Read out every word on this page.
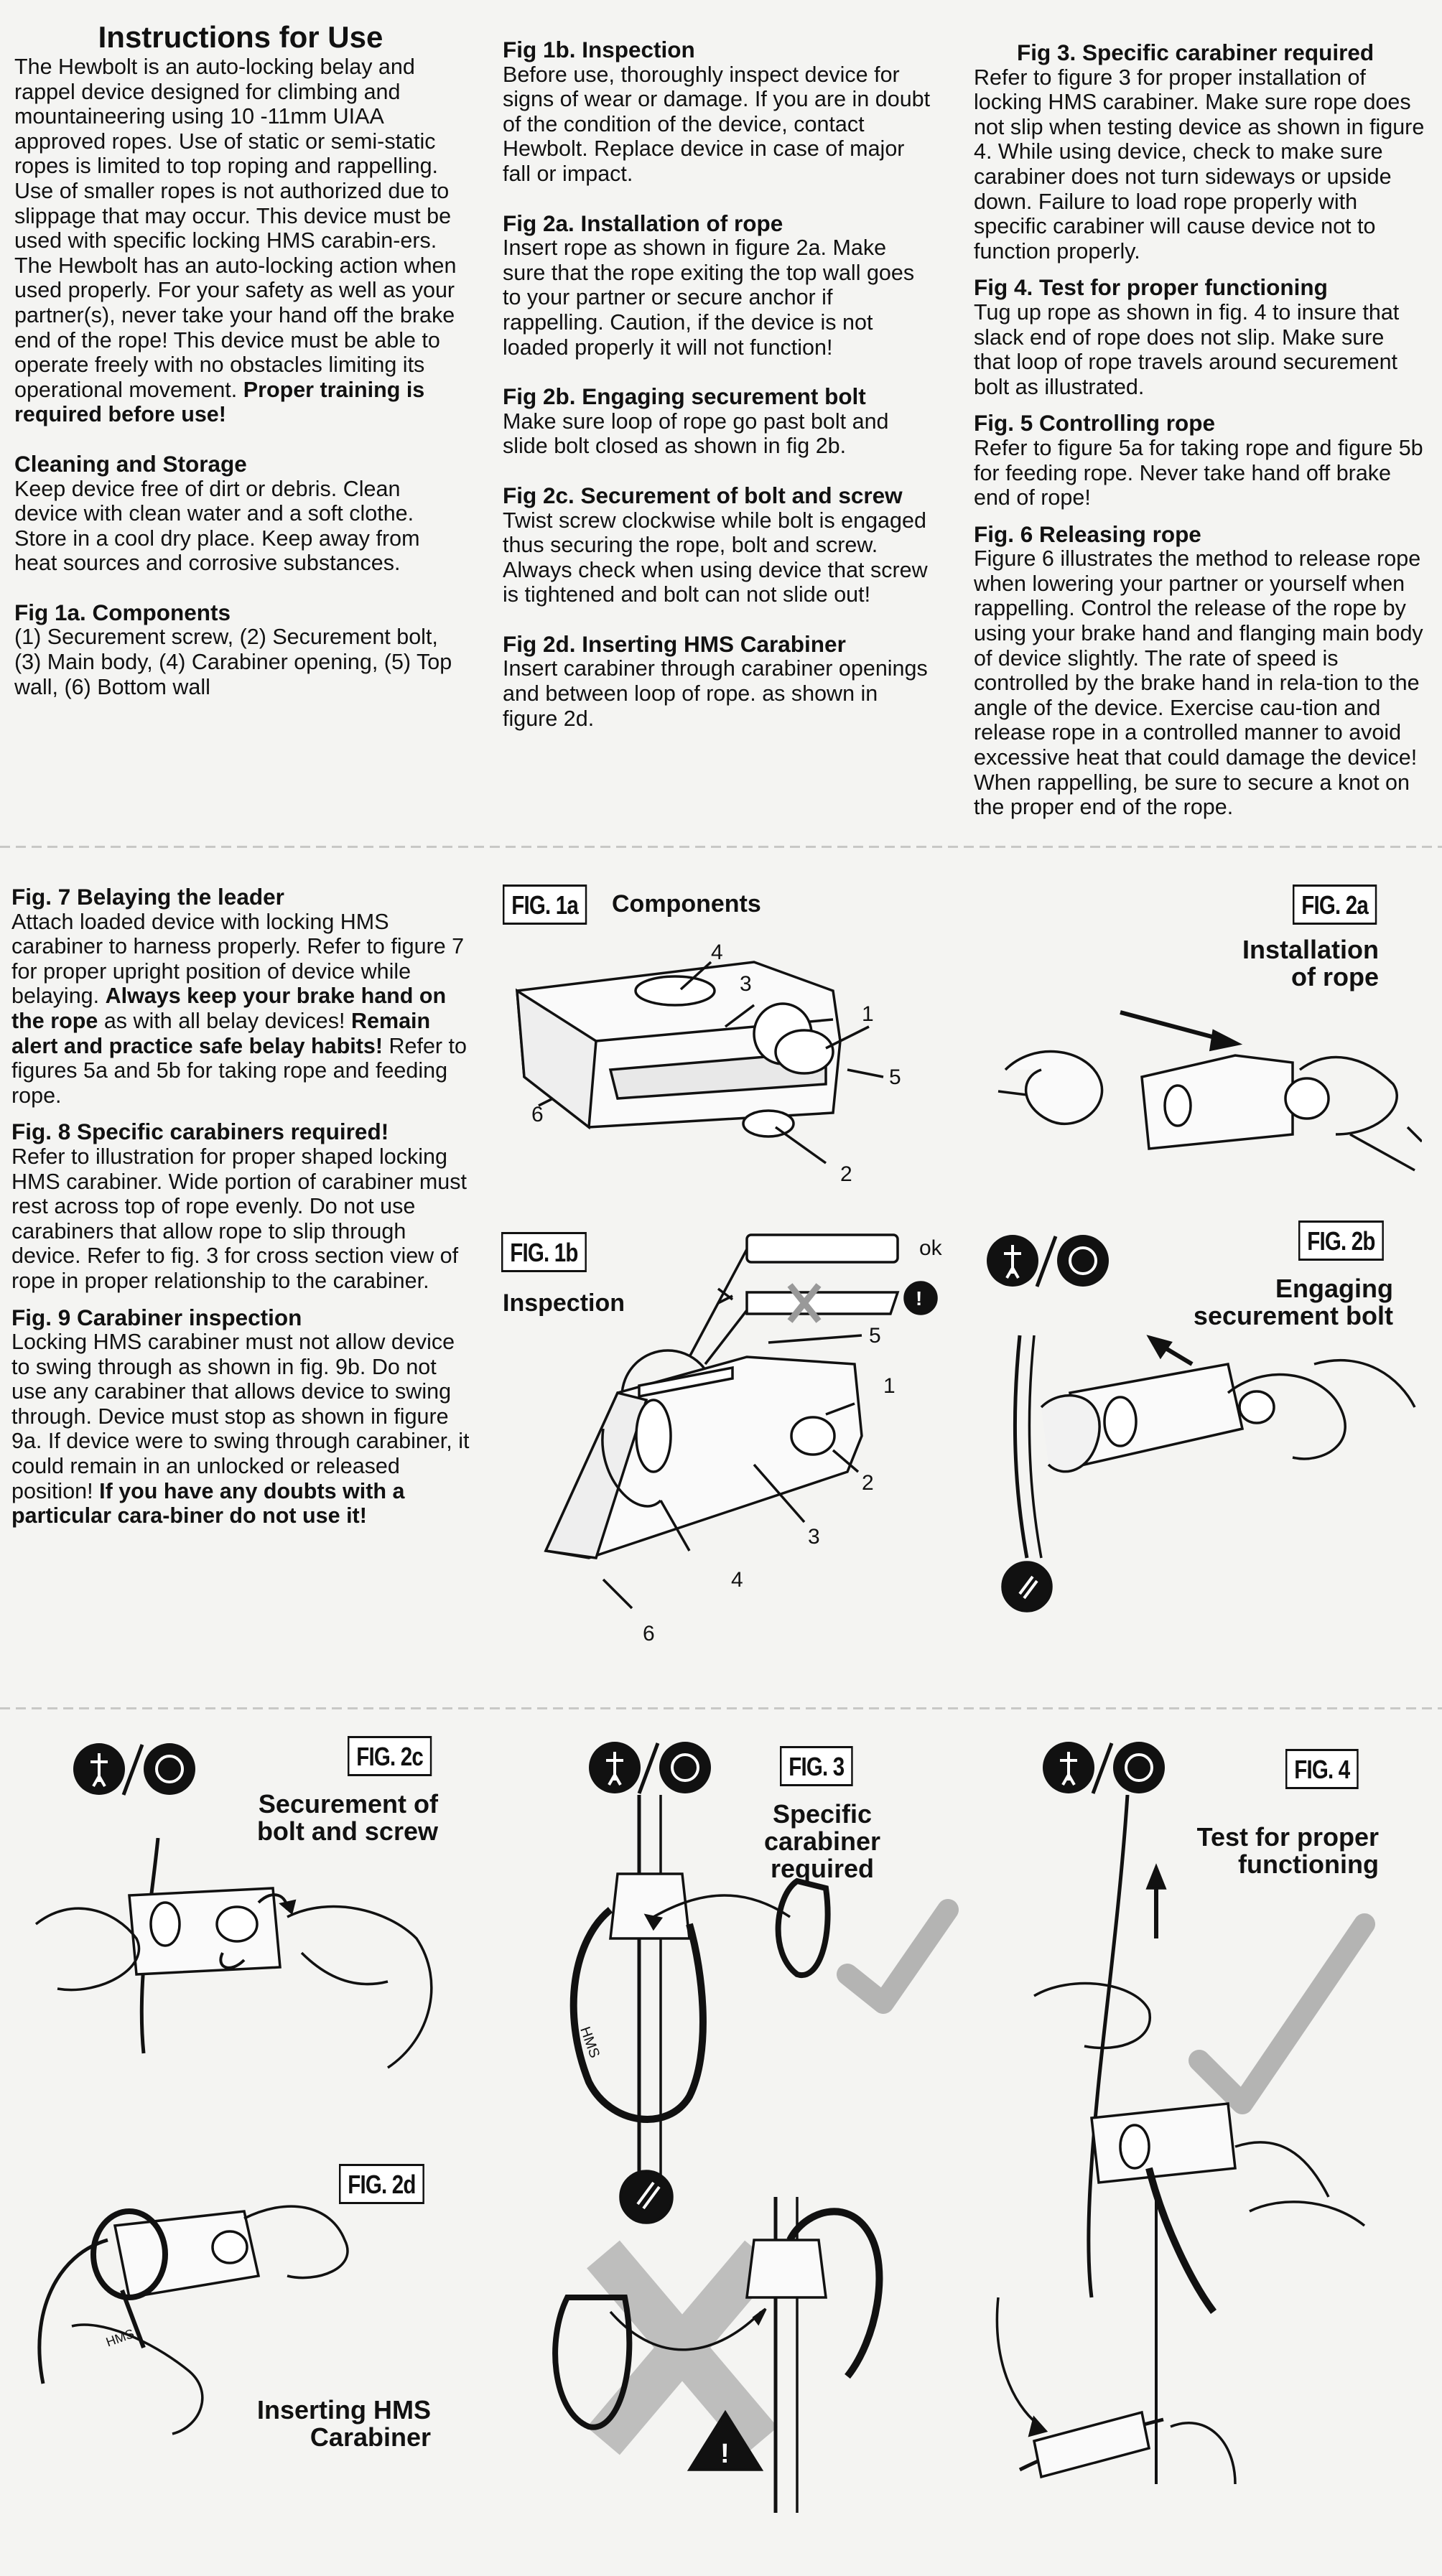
Instructions for Use

The Hewbolt is an auto-locking belay and rappel device designed for climbing and mountaineering using 10 -11mm UIAA approved ropes. Use of static or semi-static ropes is limited to top roping and rappelling. Use of smaller ropes is not authorized due to slippage that may occur. This device must be used with specific locking HMS carabin-ers.

The Hewbolt has an auto-locking action when used properly. For your safety as well as your partner(s), never take your hand off the brake end of the rope! This device must be able to operate freely with no obstacles limiting its operational movement. Proper training is required before use!

Cleaning and Storage

Keep device free of dirt or debris. Clean device with clean water and a soft clothe. Store in a cool dry place. Keep away from heat sources and corrosive substances.

Fig 1a. Components

(1) Securement screw, (2) Securement bolt, (3) Main body, (4) Carabiner opening, (5) Top wall, (6) Bottom wall

Fig 1b. Inspection

Before use, thoroughly inspect device for signs of wear or damage. If you are in doubt of the condition of the device, contact Hewbolt. Replace device in case of major fall or impact.

Fig 2a. Installation of rope

Insert rope as shown in figure 2a. Make sure that the rope exiting the top wall goes to your partner or secure anchor if rappelling. Caution, if the device is not loaded properly it will not function!

Fig 2b. Engaging securement bolt

Make sure loop of rope go past bolt and slide bolt closed as shown in fig 2b.

Fig 2c. Securement of bolt and screw

Twist screw clockwise while bolt is engaged thus securing the rope, bolt and screw. Always check when using device that screw is tightened and bolt can not slide out!

Fig 2d. Inserting HMS Carabiner

Insert carabiner through carabiner openings and between loop of rope. as shown in figure 2d.

Fig 3. Specific carabiner required

Refer to figure 3 for proper installation of locking HMS carabiner. Make sure rope does not slip when testing device as shown in figure 4. While using device, check to make sure carabiner does not turn sideways or upside down. Failure to load rope properly with specific carabiner will cause device not to function properly.

Fig 4. Test for proper functioning

Tug up rope as shown in fig. 4 to insure that slack end of rope does not slip. Make sure that loop of rope travels around securement bolt as illustrated.

Fig. 5 Controlling rope

Refer to figure 5a for taking rope and figure 5b for feeding rope. Never take hand off brake end of rope!

Fig. 6 Releasing rope

Figure 6 illustrates the method to release rope when lowering your partner or yourself when rappelling. Control the release of the rope by using your brake hand and flanging main body of device slightly. The rate of speed is controlled by the brake hand in rela-tion to the angle of the device. Exercise cau-tion and release rope in a controlled manner to avoid excessive heat that could damage the device! When rappelling, be sure to secure a knot on the proper end of the rope.

Fig. 7 Belaying the leader

Attach loaded device with locking HMS carabiner to harness properly. Refer to figure 7 for proper upright position of device while belaying. Always keep your brake hand on the rope as with all belay devices! Remain alert and practice safe belay habits! Refer to figures 5a and 5b for taking rope and feeding rope.

Fig. 8 Specific carabiners required!

Refer to illustration for proper shaped locking HMS carabiner. Wide portion of carabiner must rest across top of rope evenly. Do not use carabiners that allow rope to slip through device. Refer to fig. 3 for cross section view of rope in proper relationship to the carabiner.

Fig. 9 Carabiner inspection

Locking HMS carabiner must not allow device to swing through as shown in fig. 9b. Do not use any carabiner that allows device to swing through. Device must stop as shown in figure 9a. If device were to swing through carabiner, it could remain in an unlocked or released position! If you have any doubts with a particular cara-biner do not use it!

FIG. 1a	Components
4
3
1
5
2
6
FIG. 2a
Installation
of rope
FIG. 1b
Inspection
ok
!
5
1
2
3
4
6
FIG. 2b
Engaging
securement bolt
FIG. 2c
Securement of
bolt and screw
FIG. 2d
HMS
Inserting HMS
Carabiner
FIG. 3
Specific
carabiner
required
HMS
!
FIG. 4
Test for proper
functioning
